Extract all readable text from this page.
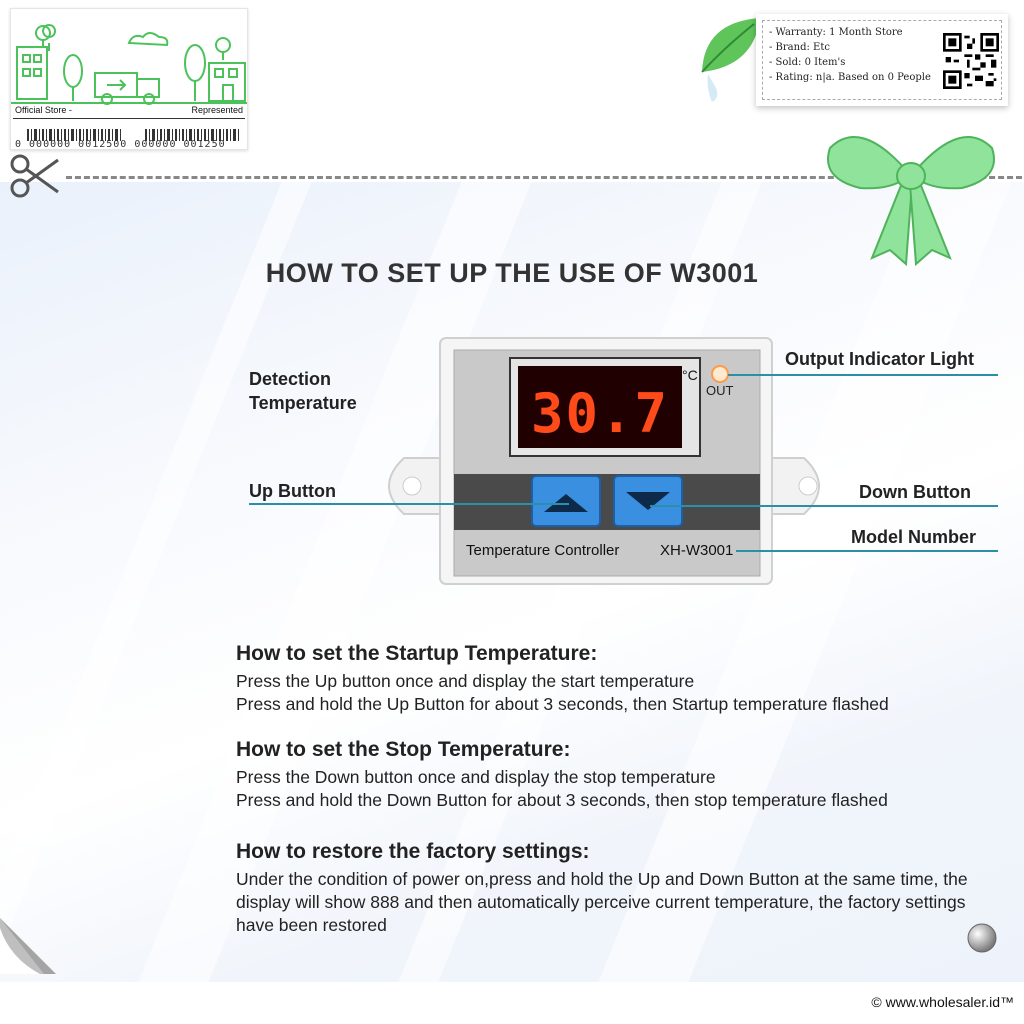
Official Store -	Represented
0 000000 0012500 000000 001250
- Warranty: 1 Month Store
- Brand: Etc
- Sold: 0 Item's
- Rating: n|a. Based on 0 People
HOW TO SET UP THE USE OF W3001
30.7
°C
OUT
Temperature Controller	XH-W3001
Detection
Temperature
Output Indicator Light
Up Button	Down Button
Model Number
How to set the Startup Temperature:
Press the Up button once and display the start temperature
Press and hold the Up Button for about 3 seconds, then Startup temperature flashed
How to set the Stop Temperature:
Press the Down button once and display the stop temperature
Press and hold the Down Button for about 3 seconds, then stop temperature flashed
How to restore the factory settings:
Under the condition of power on,press and hold the Up and Down Button at the same time, the display will show 888 and then automatically perceive current temperature, the factory settings have been restored
© www.wholesaler.id™
